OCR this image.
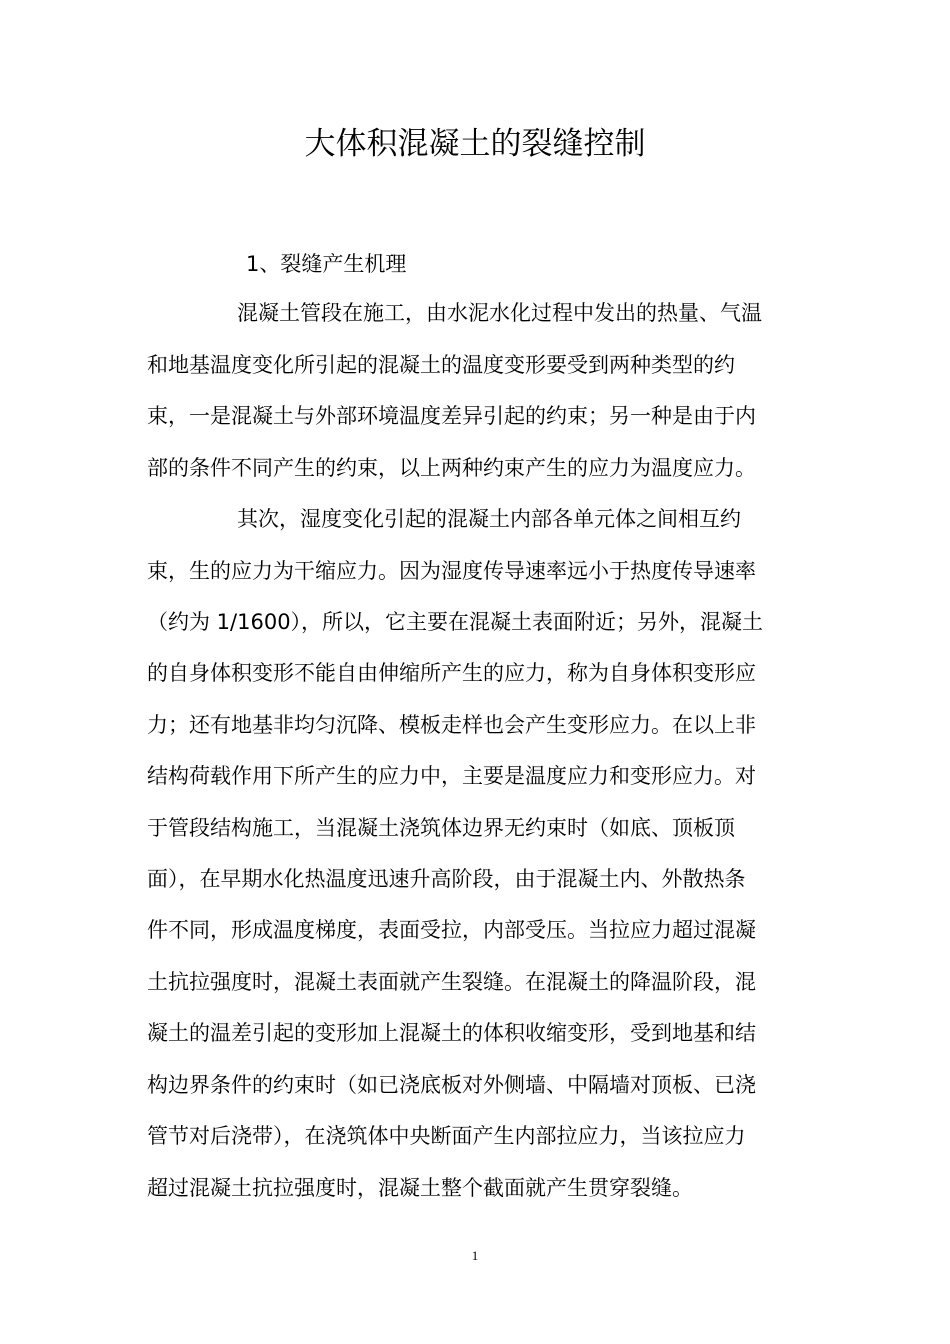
大体积混凝土的裂缝控制

1、裂缝产生机理

混凝土管段在施工，由水泥水化过程中发出的热量、气温

和地基温度变化所引起的混凝土的温度变形要受到两种类型的约

束，一是混凝土与外部环境温度差异引起的约束；另一种是由于内

部的条件不同产生的约束，以上两种约束产生的应力为温度应力。

其次，湿度变化引起的混凝土内部各单元体之间相互约

束，生的应力为干缩应力。因为湿度传导速率远小于热度传导速率

（约为 1/1600），所以，它主要在混凝土表面附近；另外，混凝土

的自身体积变形不能自由伸缩所产生的应力，称为自身体积变形应

力；还有地基非均匀沉降、模板走样也会产生变形应力。在以上非

结构荷载作用下所产生的应力中，主要是温度应力和变形应力。对

于管段结构施工，当混凝土浇筑体边界无约束时（如底、顶板顶

面），在早期水化热温度迅速升高阶段，由于混凝土内、外散热条

件不同，形成温度梯度，表面受拉，内部受压。当拉应力超过混凝

土抗拉强度时，混凝土表面就产生裂缝。在混凝土的降温阶段，混

凝土的温差引起的变形加上混凝土的体积收缩变形，受到地基和结

构边界条件的约束时（如已浇底板对外侧墙、中隔墙对顶板、已浇

管节对后浇带），在浇筑体中央断面产生内部拉应力，当该拉应力

超过混凝土抗拉强度时，混凝土整个截面就产生贯穿裂缝。

1
